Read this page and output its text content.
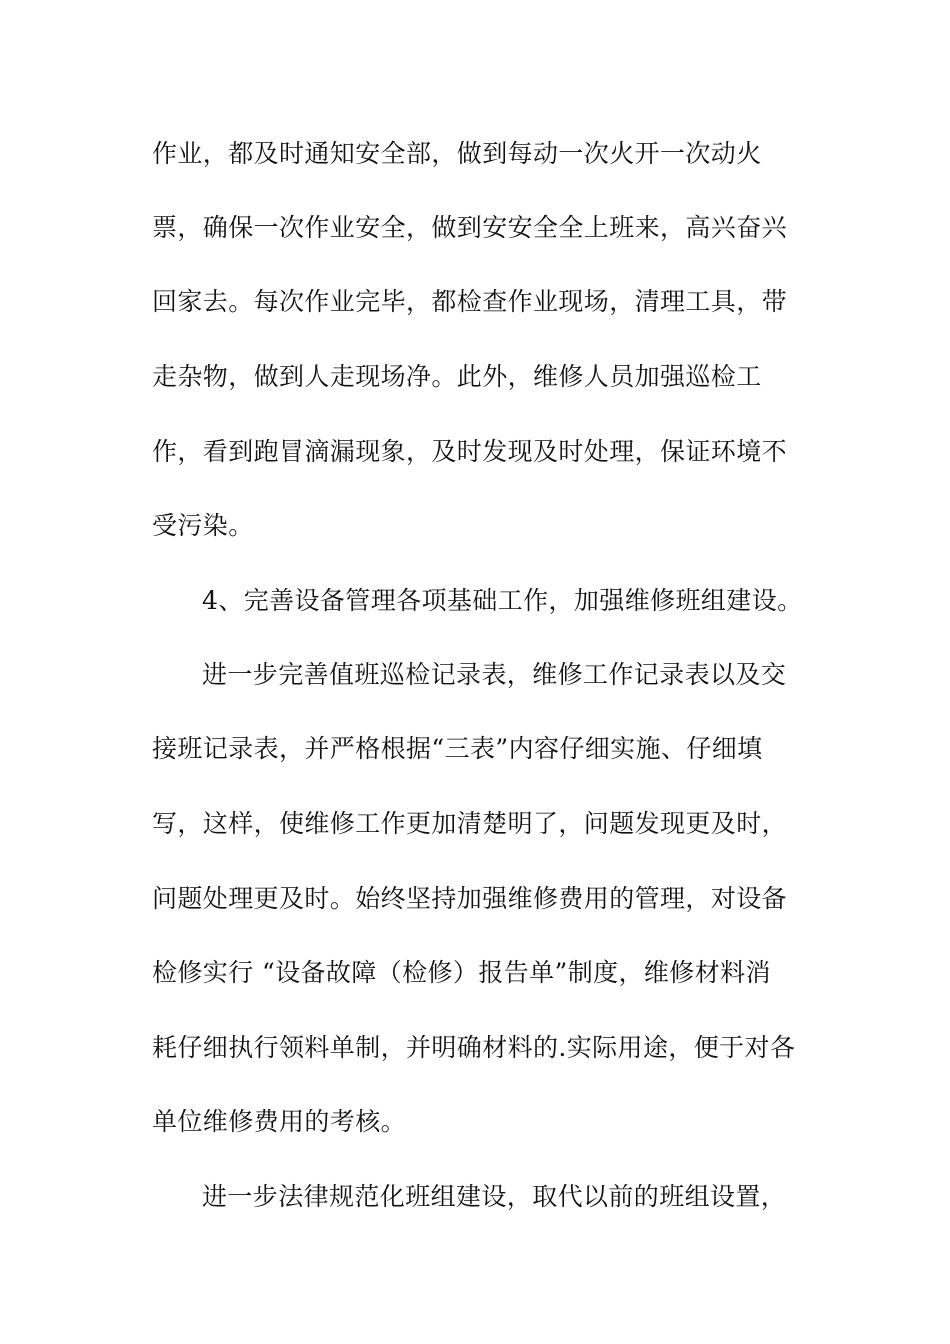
作业，都及时通知安全部，做到每动一次火开一次动火
票，确保一次作业安全，做到安安全全上班来，高兴奋兴
回家去。每次作业完毕，都检查作业现场，清理工具，带
走杂物，做到人走现场净。此外，维修人员加强巡检工
作，看到跑冒滴漏现象，及时发现及时处理，保证环境不
受污染。
4、完善设备管理各项基础工作，加强维修班组建设。
进一步完善值班巡检记录表，维修工作记录表以及交
接班记录表，并严格根据“三表”内容仔细实施、仔细填
写，这样，使维修工作更加清楚明了，问题发现更及时，
问题处理更及时。始终坚持加强维修费用的管理，对设备
检修实行 “设备故障（检修）报告单”制度，维修材料消
耗仔细执行领料单制，并明确材料的.实际用途，便于对各
单位维修费用的考核。
进一步法律规范化班组建设，取代以前的班组设置，
